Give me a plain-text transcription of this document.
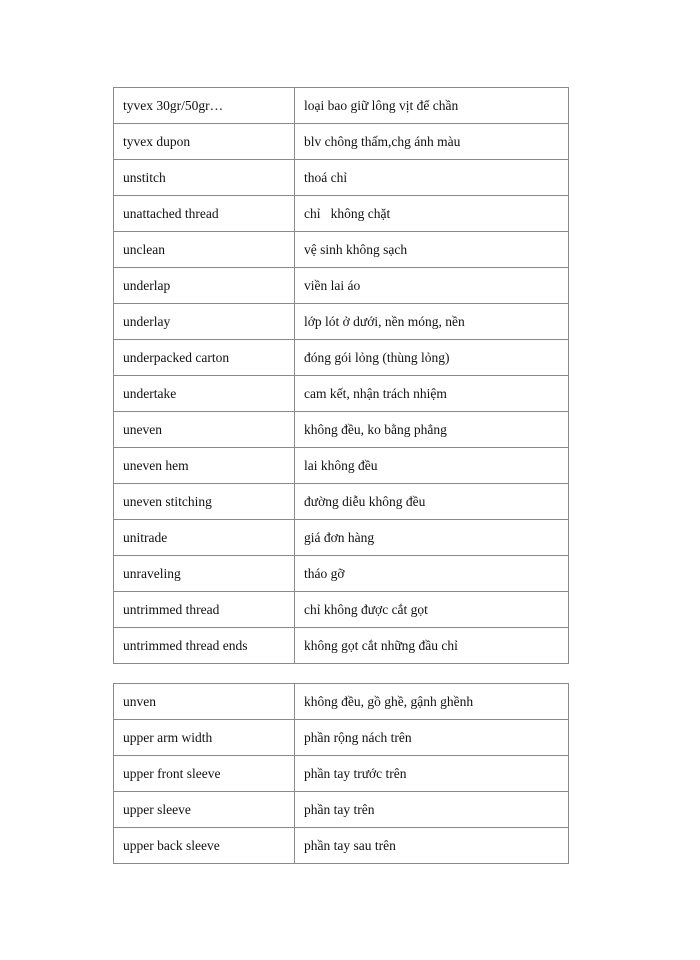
tyvex 30gr/50gr…	loại bao giữ lông vịt để chần
tyvex dupon	blv chông thấm,chg ánh màu
unstitch	thoá chỉ
unattached thread	chỉ   không chặt
unclean	vệ sinh không sạch
underlap	viền lai áo
underlay	lớp lót ở dưới, nền móng, nền
underpacked carton	đóng gói lỏng (thùng lỏng)
undertake	cam kết, nhận trách nhiệm
uneven	không đều, ko bằng phẳng
uneven hem	lai không đều
uneven stitching	đường diễu không đều
unitrade	giá đơn hàng
unraveling	tháo gỡ
untrimmed thread	chỉ không được cắt gọt
untrimmed thread ends	không gọt cắt những đầu chỉ
unven	không đều, gồ ghề, gậnh ghềnh
upper arm width	phần rộng nách trên
upper front sleeve	phần tay trước trên
upper sleeve	phần tay trên
upper back sleeve	phần tay sau trên
